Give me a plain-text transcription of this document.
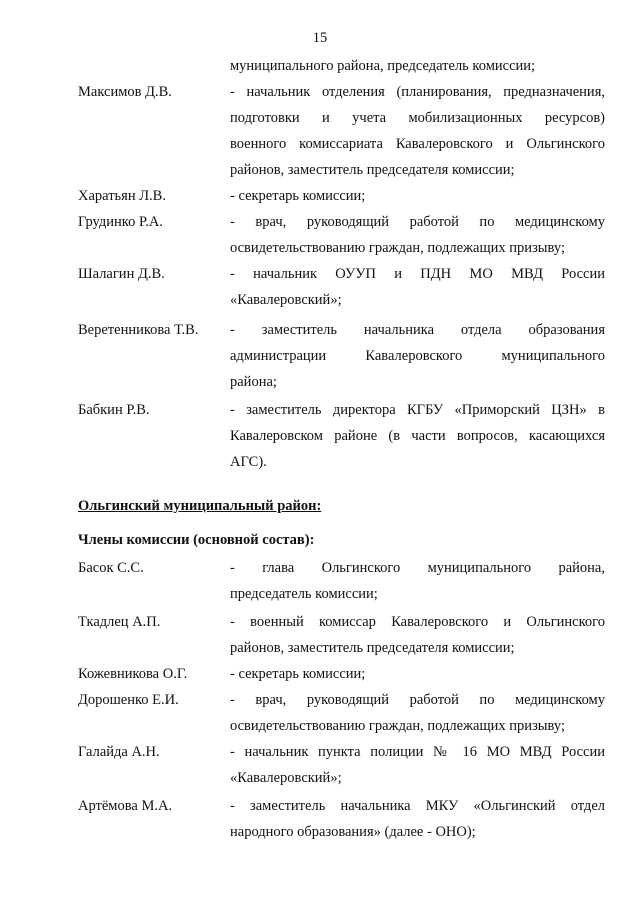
15
муниципального района, председатель комиссии;
Максимов Д.В.	- начальник отделения (планирования, предназначения,
подготовки и учета мобилизационных ресурсов)
военного комиссариата Кавалеровского и Ольгинского
районов, заместитель председателя комиссии;
Харатьян Л.В.	- секретарь комиссии;
Грудинко Р.А.	- врач, руководящий работой по медицинскому
освидетельствованию граждан, подлежащих призыву;
Шалагин Д.В.	- начальник ОУУП и ПДН МО МВД России
«Кавалеровский»;
Веретенникова Т.В. - заместитель начальника отдела образования
администрации Кавалеровского муниципального
района;
Бабкин Р.В.	- заместитель директора КГБУ «Приморский ЦЗН» в
Кавалеровском районе (в части вопросов, касающихся
АГС).
Ольгинский муниципальный район:
Члены комиссии (основной состав):
Басок С.С.	- глава Ольгинского муниципального района,
председатель комиссии;
Ткадлец А.П.	- военный комиссар Кавалеровского и Ольгинского
районов, заместитель председателя комиссии;
Кожевникова О.Г.	- секретарь комиссии;
Дорошенко Е.И.	- врач, руководящий работой по медицинскому
освидетельствованию граждан, подлежащих призыву;
Галайда А.Н.	- начальник пункта полиции № 16 МО МВД России
«Кавалеровский»;
Артёмова М.А.	- заместитель начальника МКУ «Ольгинский отдел
народного образования» (далее - ОНО);
